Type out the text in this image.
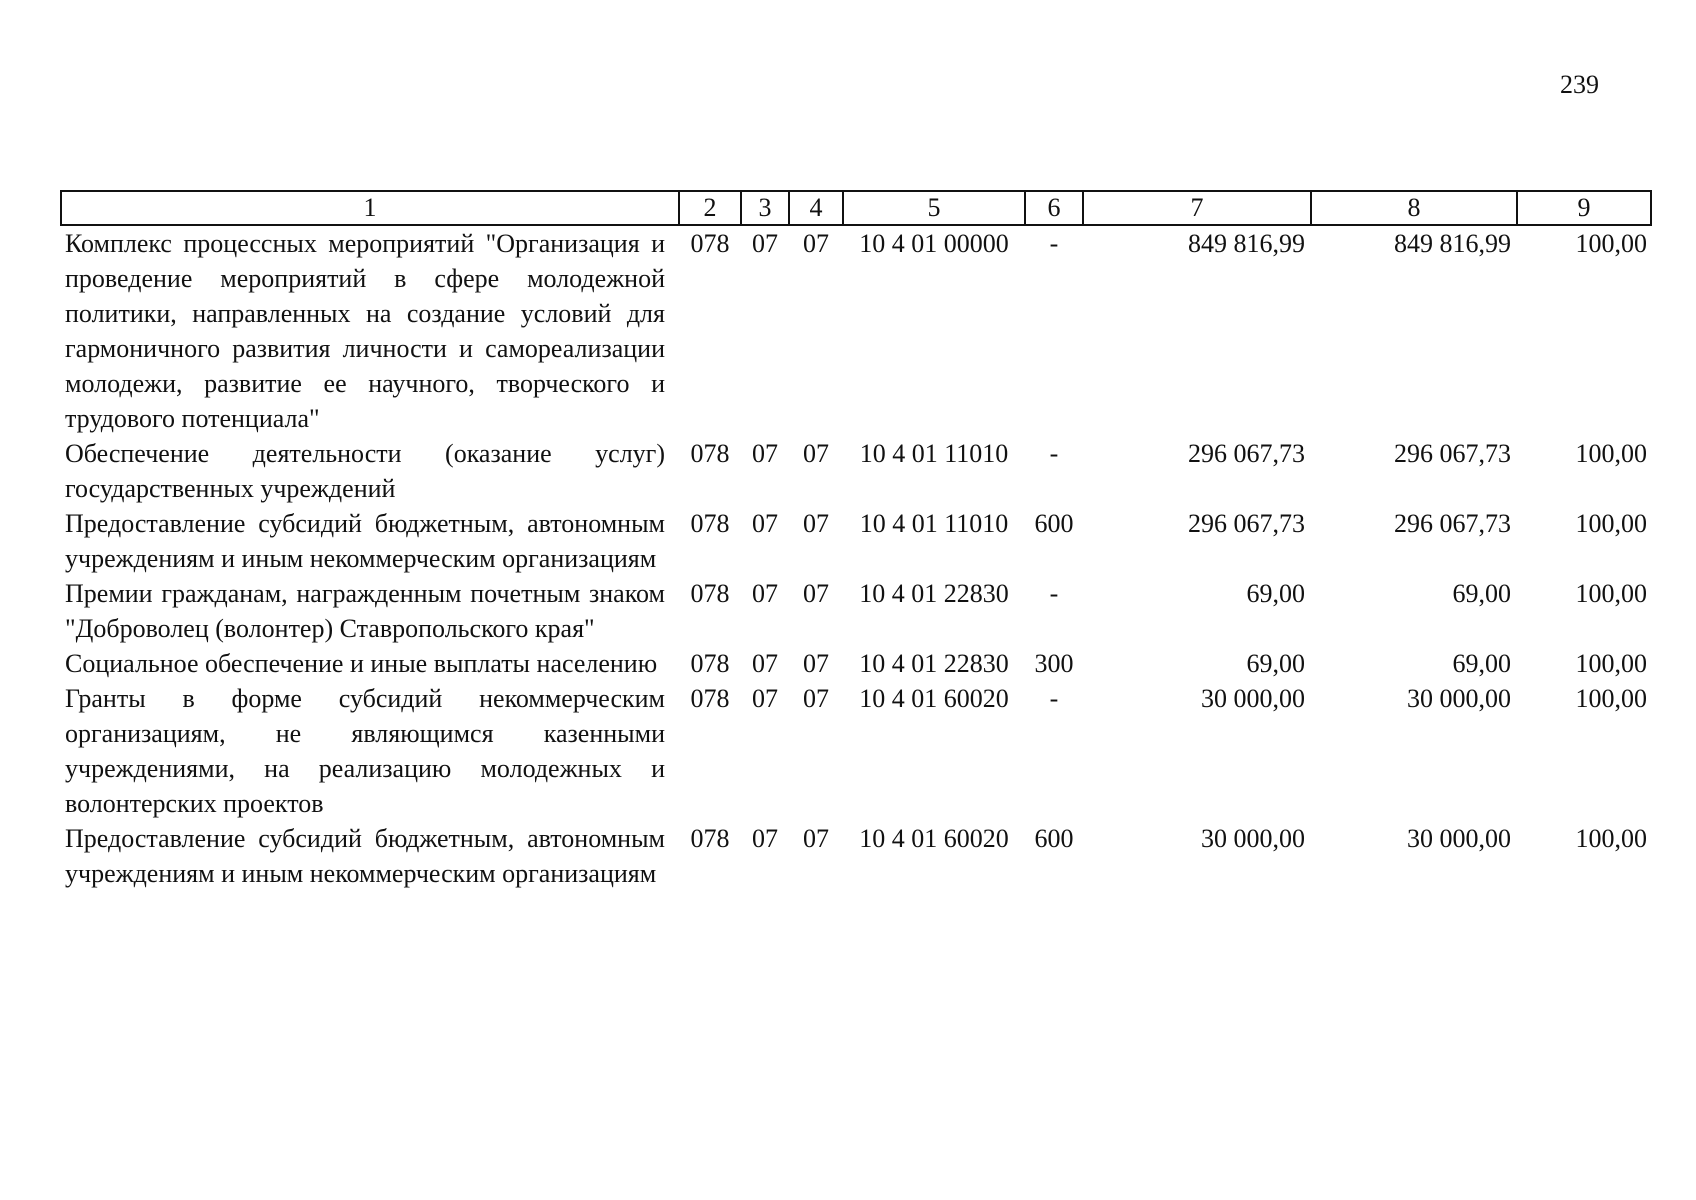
239
1	2	3	4	5	6	7	8	9
Комплекс процессных мероприятий "Организация и проведение мероприятий в сфере молодежной политики, направленных на создание условий для гармоничного развития личности и самореализации молодежи, развитие ее научного, творческого и трудового потенциала"	078	07	07	10 4 01 00000	-	849 816,99	849 816,99	100,00
Обеспечение деятельности (оказание услуг) государственных учреждений	078	07	07	10 4 01 11010	-	296 067,73	296 067,73	100,00
Предоставление субсидий бюджетным, автономным учреждениям и иным некоммерческим организациям	078	07	07	10 4 01 11010	600	296 067,73	296 067,73	100,00
Премии гражданам, награжденным почетным знаком "Доброволец (волонтер) Ставропольского края"	078	07	07	10 4 01 22830	-	69,00	69,00	100,00
Социальное обеспечение и иные выплаты населению	078	07	07	10 4 01 22830	300	69,00	69,00	100,00
Гранты в форме субсидий некоммерческим организациям, не являющимся казенными учреждениями, на реализацию молодежных и волонтерских проектов	078	07	07	10 4 01 60020	-	30 000,00	30 000,00	100,00
Предоставление субсидий бюджетным, автономным учреждениям и иным некоммерческим организациям	078	07	07	10 4 01 60020	600	30 000,00	30 000,00	100,00
